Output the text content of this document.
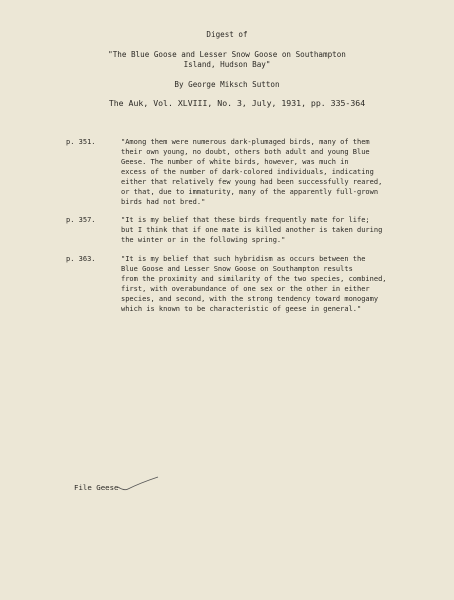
Digest of
"The Blue Goose and Lesser Snow Goose on Southampton
Island, Hudson Bay"
By George Miksch Sutton
The Auk, Vol. XLVIII, No. 3, July, 1931, pp. 335-364
p. 351.	"Among them were numerous dark-plumaged birds, many of them
their own young, no doubt, others both adult and young Blue
Geese. The number of white birds, however, was much in
excess of the number of dark-colored individuals, indicating
either that relatively few young had been successfully reared,
or that, due to immaturity, many of the apparently full-grown
birds had not bred."
p. 357.	"It is my belief that these birds frequently mate for life;
but I think that if one mate is killed another is taken during
the winter or in the following spring."
p. 363.	"It is my belief that such hybridism as occurs between the
Blue Goose and Lesser Snow Goose on Southampton results
from the proximity and similarity of the two species, combined,
first, with overabundance of one sex or the other in either
species, and second, with the strong tendency toward monogamy
which is known to be characteristic of geese in general."
File Geese
